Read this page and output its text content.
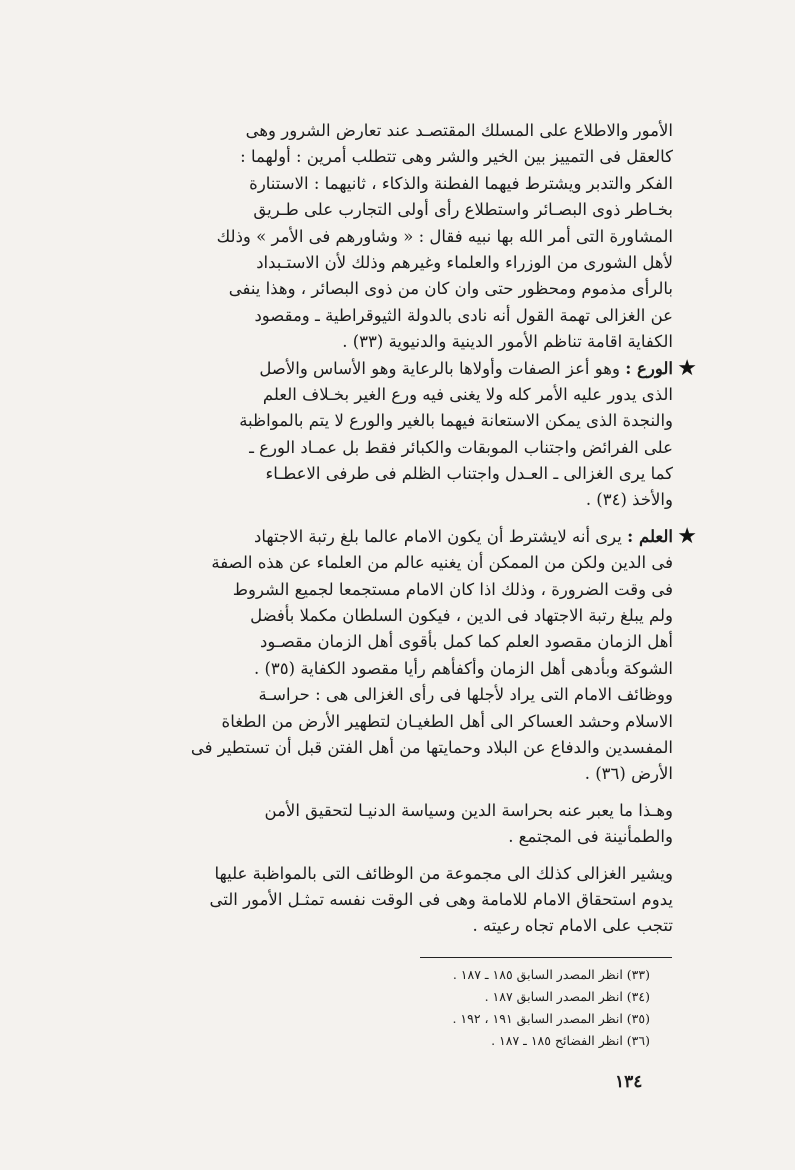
الأمور والاطلاع على المسلك المقتصـد عند تعارض الشرور وهى
كالعقل فى التمييز بين الخير والشر وهى تتطلب أمرين : أولهما :
الفكر والتدبر ويشترط فيهما الفطنة والذكاء ، ثانيهما : الاستنارة
بخـاطر ذوى البصـائر واستطلاع رأى أولى التجارب على طـريق
المشاورة التى أمر الله بها نبيه فقال : « وشاورهم فى الأمر » وذلك
لأهل الشورى من الوزراء والعلماء وغيرهم وذلك لأن الاستـبداد
بالرأى مذموم ومحظور حتى وان كان من ذوى البصائر ، وهذا ينفى
عن الغزالى تهمة القول أنه نادى بالدولة الثيوقراطية ـ ومقصود
الكفاية اقامة تناظم الأمور الدينية والدنيوية (٣٣) .
★
الورع : وهو أعز الصفات وأولاها بالرعاية وهو الأساس والأصل
الذى يدور عليه الأمر كله ولا يغنى فيه ورع الغير بخـلاف العلم
والنجدة الذى يمكن الاستعانة فيهما بالغير والورع لا يتم بالمواظبة
على الفرائض واجتناب الموبقات والكبائر فقط بل عمـاد الورع ـ
كما يرى الغزالى ـ العـدل واجتناب الظلم فى طرفى الاعطـاء
والأخذ (٣٤) .
★
العلم : يرى أنه لايشترط أن يكون الامام عالما بلغ رتبة الاجتهاد
فى الدين ولكن من الممكن أن يغنيه عالم من العلماء عن هذه الصفة
فى وقت الضرورة ، وذلك اذا كان الامام مستجمعا لجميع الشروط
ولم يبلغ رتبة الاجتهاد فى الدين ، فيكون السلطان مكملا بأفضل
أهل الزمان مقصود العلم كما كمل بأقوى أهل الزمان مقصـود
الشوكة وبأدهى أهل الزمان وأكفأهم رأيا مقصود الكفاية (٣٥) .
ووظائف الامام التى يراد لأجلها فى رأى الغزالى هى : حراسـة
الاسلام وحشد العساكر الى أهل الطغيـان لتطهير الأرض من الطغاة
المفسدين والدفاع عن البلاد وحمايتها من أهل الفتن قبل أن تستطير فى
الأرض (٣٦) .
وهـذا ما يعبر عنه بحراسة الدين وسياسة الدنيـا لتحقيق الأمن
والطمأنينة فى المجتمع .
ويشير الغزالى كذلك الى مجموعة من الوظائف التى بالمواظبة عليها
يدوم استحقاق الامام للامامة وهى فى الوقت نفسه تمثـل الأمور التى
تتجب على الامام تجاه رعيته .
(٣٣) انظر المصدر السابق ١٨٥ ـ ١٨٧ .
(٣٤) انظر المصدر السابق ١٨٧ .
(٣٥) انظر المصدر السابق ١٩١ ، ١٩٢ .
(٣٦) انظر الفضائح ١٨٥ ـ ١٨٧ .
١٣٤
